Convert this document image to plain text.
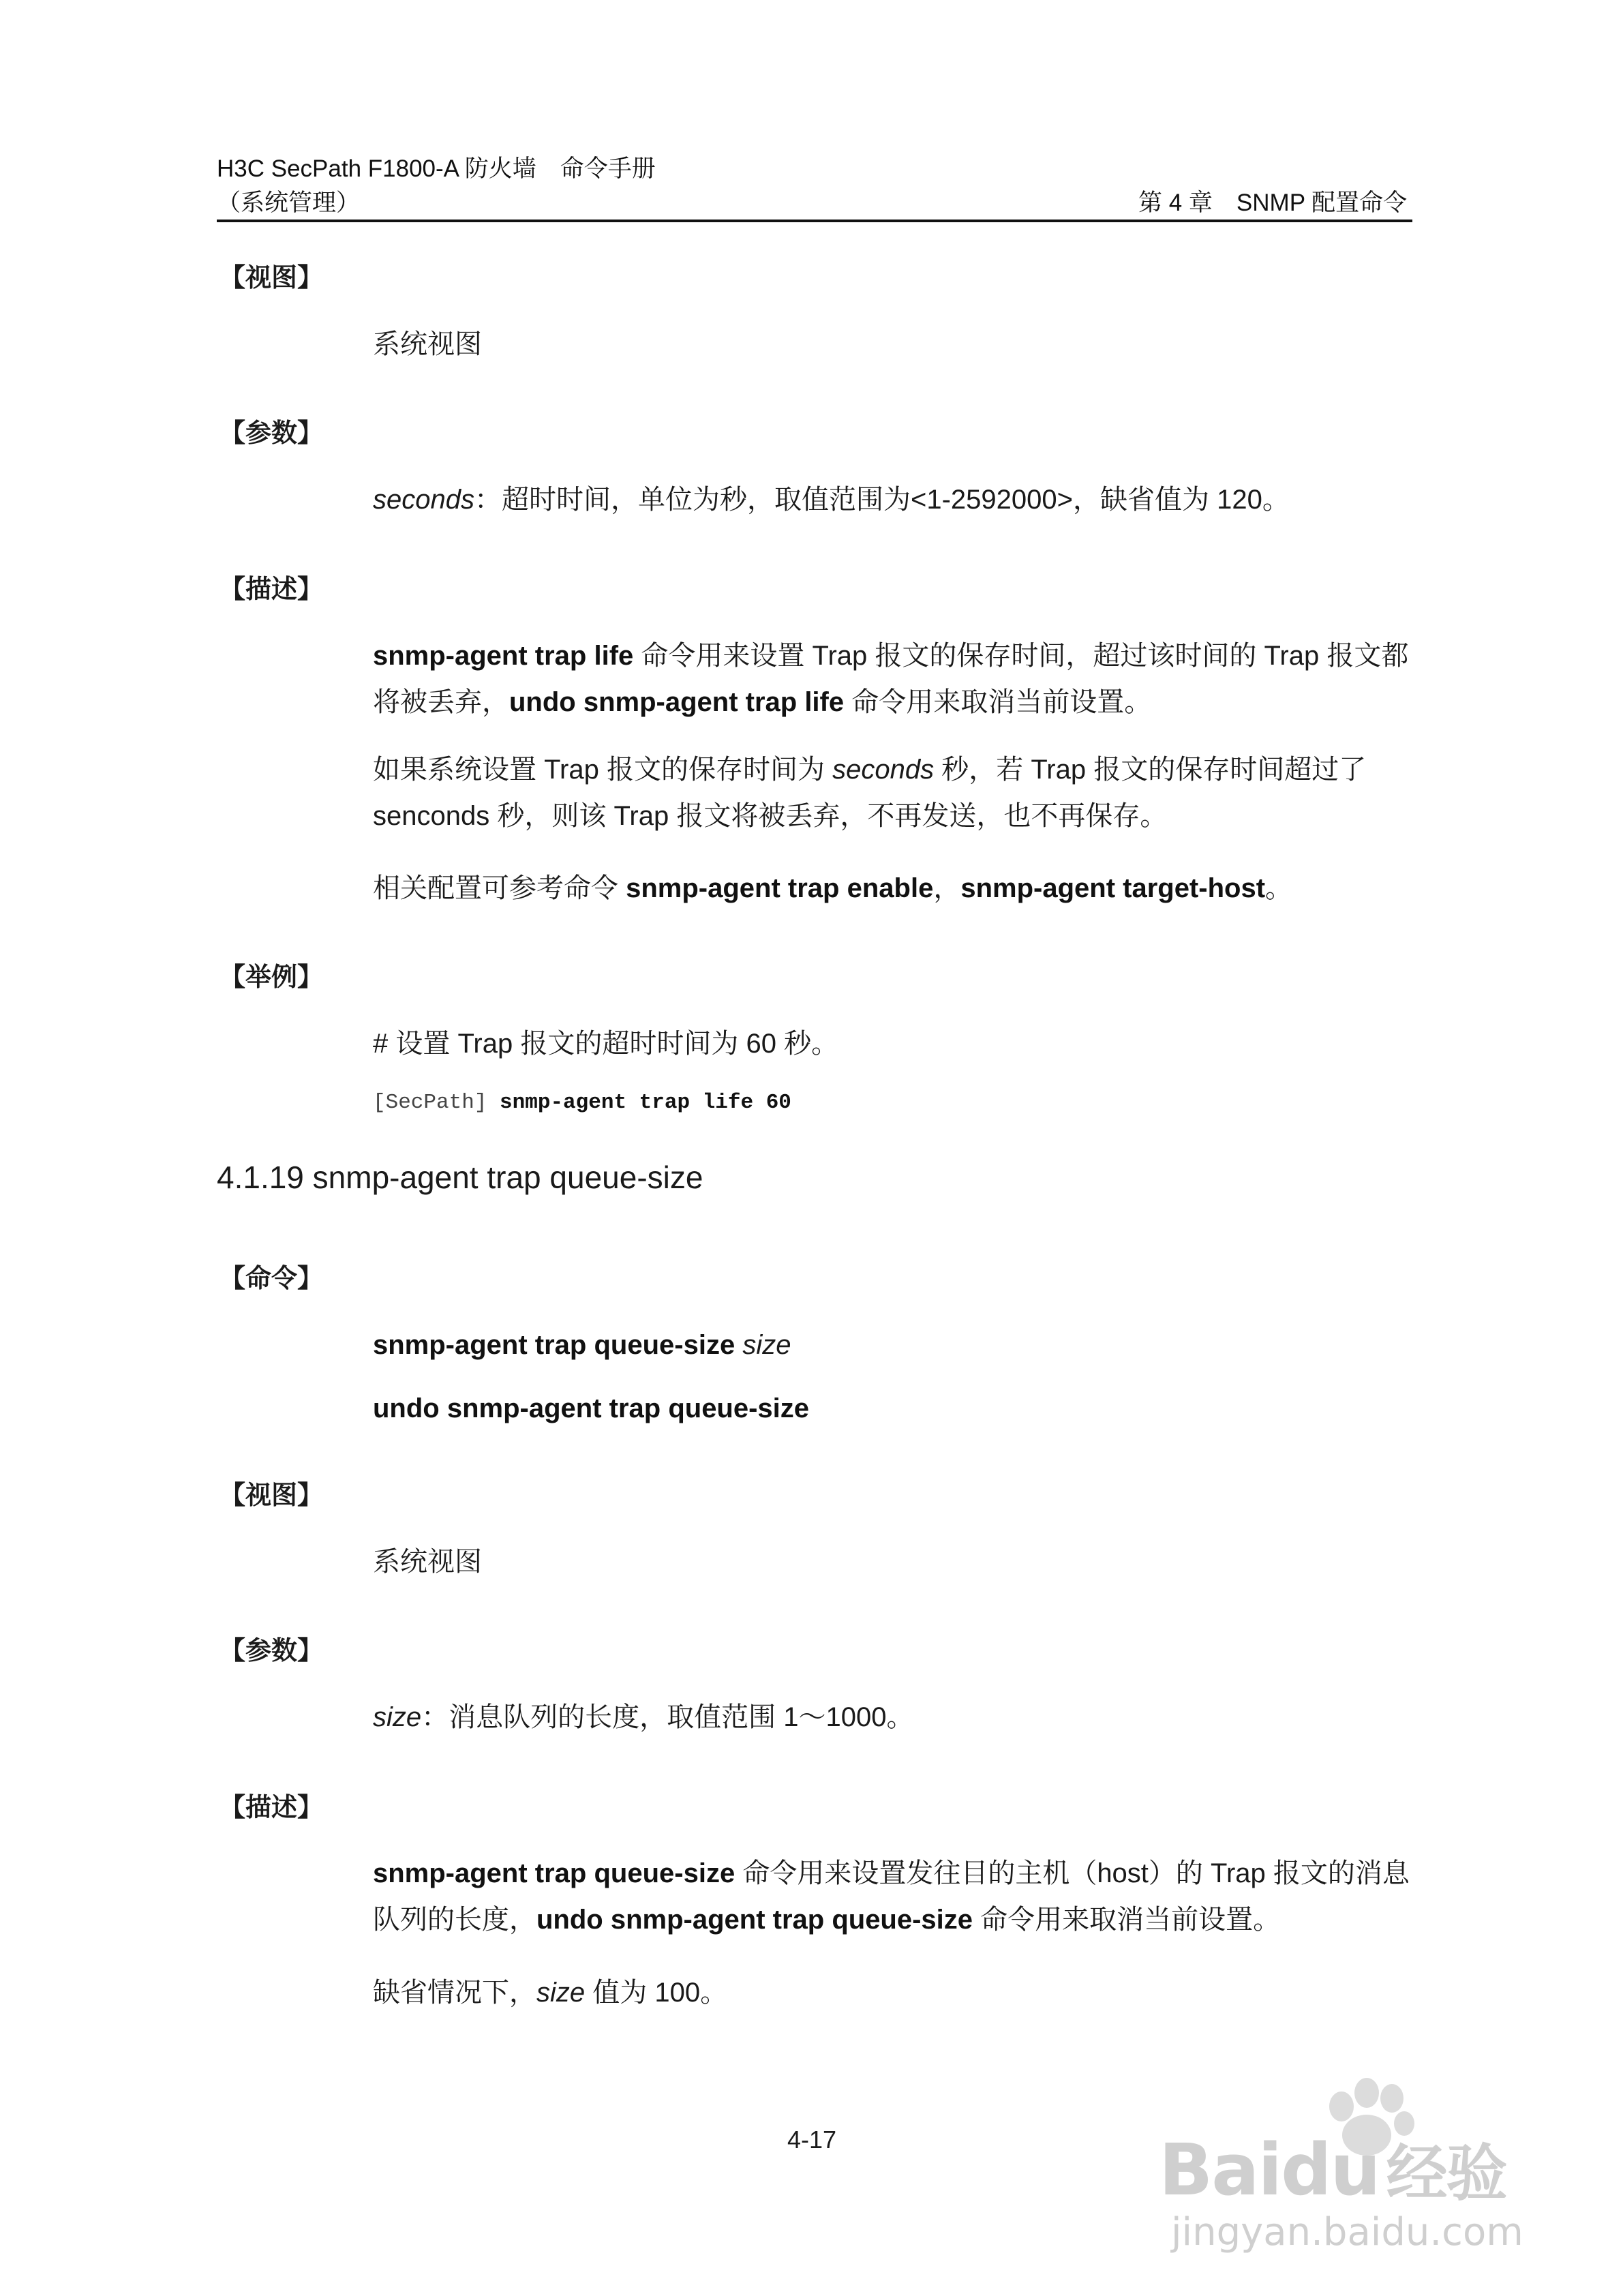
H3C SecPath F1800-A 防火墙　命令手册
（系统管理）	第 4 章　SNMP 配置命令
【视图】
系统视图
【参数】
seconds：超时时间，单位为秒，取值范围为<1-2592000>，缺省值为 120。
【描述】
snmp-agent trap life 命令用来设置 Trap 报文的保存时间，超过该时间的 Trap 报文都将被丢弃，undo snmp-agent trap life 命令用来取消当前设置。
如果系统设置 Trap 报文的保存时间为 seconds 秒，若 Trap 报文的保存时间超过了 senconds 秒，则该 Trap 报文将被丢弃，不再发送，也不再保存。
相关配置可参考命令 snmp-agent trap enable，snmp-agent target-host。
【举例】
# 设置 Trap 报文的超时时间为 60 秒。
[SecPath] snmp-agent trap life 60
4.1.19 snmp-agent trap queue-size
【命令】
snmp-agent trap queue-size size
undo snmp-agent trap queue-size
【视图】
系统视图
【参数】
size：消息队列的长度，取值范围 1～1000。
【描述】
snmp-agent trap queue-size 命令用来设置发往目的主机（host）的 Trap 报文的消息队列的长度，undo snmp-agent trap queue-size 命令用来取消当前设置。
缺省情况下，size 值为 100。
4-17	Baidu 经验
jingyan.baidu.com
